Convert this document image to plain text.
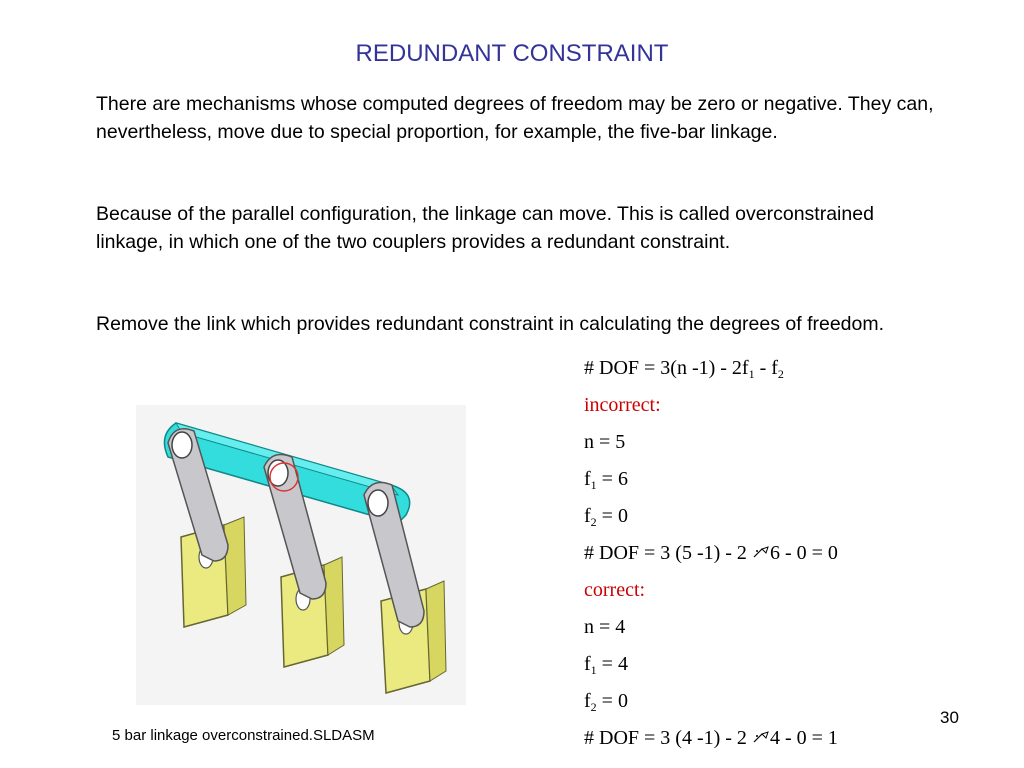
REDUNDANT CONSTRAINT
There are mechanisms whose computed degrees of freedom may be zero or negative. They can, nevertheless, move due to special proportion, for example, the five-bar linkage.
Because of the parallel configuration, the linkage can move. This is called overconstrained linkage, in which one of the two couplers provides a redundant constraint.
Remove the link which provides redundant constraint in calculating the degrees of freedom.
# DOF = 3(n $-1) - 2f_1 - f_2$
incorrect:
n = 5
$f_1 = 6$
$f_2 = 0$
# DOF = 3 (5 -1) - 2 6 - 0 = 0
correct:
n = 4
$f_1 = 4$
$f_2 = 0$
# DOF = 3 (4 -1) - 2 4 - 0 = 1
5 bar linkage overconstrained.SLDASM
30
